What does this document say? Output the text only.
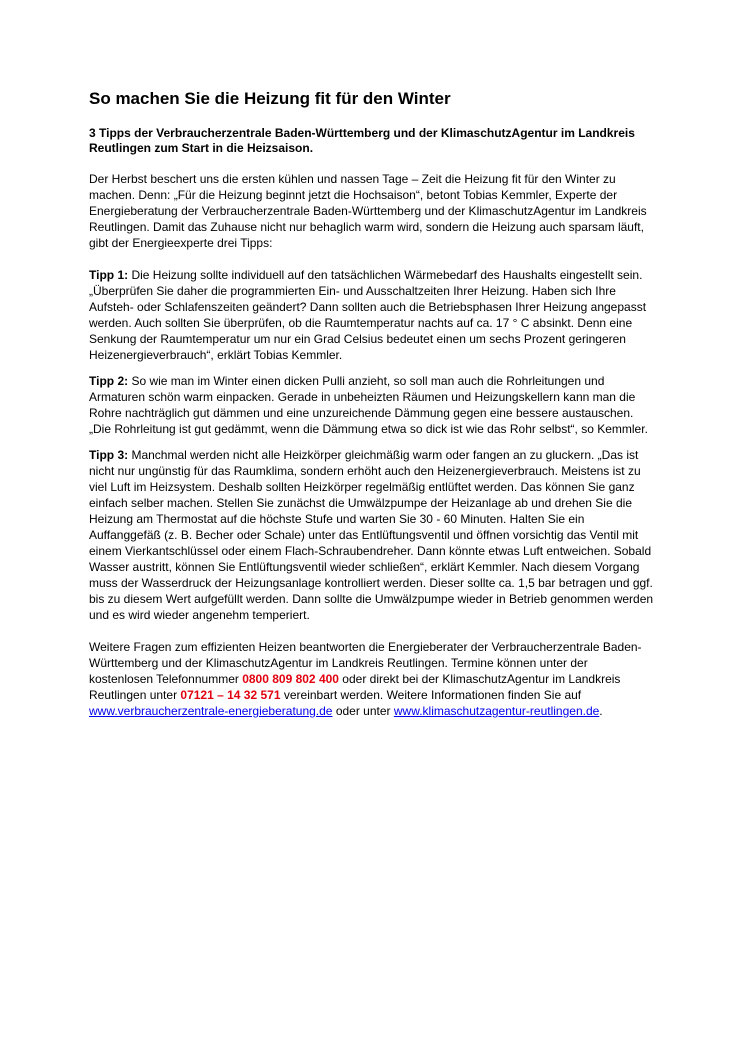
So machen Sie die Heizung fit für den Winter
3 Tipps der Verbraucherzentrale Baden-Württemberg und der KlimaschutzAgentur im Landkreis Reutlingen zum Start in die Heizsaison.

Der Herbst beschert uns die ersten kühlen und nassen Tage – Zeit die Heizung fit für den Winter zu machen. Denn: „Für die Heizung beginnt jetzt die Hochsaison“, betont Tobias Kemmler, Experte der Energieberatung der Verbraucherzentrale Baden-Württemberg und der KlimaschutzAgentur im Landkreis Reutlingen. Damit das Zuhause nicht nur behaglich warm wird, sondern die Heizung auch sparsam läuft, gibt der Energieexperte drei Tipps:

Tipp 1: Die Heizung sollte individuell auf den tatsächlichen Wärmebedarf des Haushalts eingestellt sein. „Überprüfen Sie daher die programmierten Ein- und Ausschaltzeiten Ihrer Heizung. Haben sich Ihre Aufsteh- oder Schlafenszeiten geändert? Dann sollten auch die Betriebsphasen Ihrer Heizung angepasst werden. Auch sollten Sie überprüfen, ob die Raumtemperatur nachts auf ca. 17 ° C absinkt. Denn eine Senkung der Raumtemperatur um nur ein Grad Celsius bedeutet einen um sechs Prozent geringeren Heizenergieverbrauch“, erklärt Tobias Kemmler.

Tipp 2: So wie man im Winter einen dicken Pulli anzieht, so soll man auch die Rohrleitungen und Armaturen schön warm einpacken. Gerade in unbeheizten Räumen und Heizungskellern kann man die Rohre nachträglich gut dämmen und eine unzureichende Dämmung gegen eine bessere austauschen. „Die Rohrleitung ist gut gedämmt, wenn die Dämmung etwa so dick ist wie das Rohr selbst“, so Kemmler.

Tipp 3: Manchmal werden nicht alle Heizkörper gleichmäßig warm oder fangen an zu gluckern. „Das ist nicht nur ungünstig für das Raumklima, sondern erhöht auch den Heizenergieverbrauch. Meistens ist zu viel Luft im Heizsystem. Deshalb sollten Heizkörper regelmäßig entlüftet werden. Das können Sie ganz einfach selber machen. Stellen Sie zunächst die Umwälzpumpe der Heizanlage ab und drehen Sie die Heizung am Thermostat auf die höchste Stufe und warten Sie 30 - 60 Minuten. Halten Sie ein Auffanggefäß (z. B. Becher oder Schale) unter das Entlüftungsventil und öffnen vorsichtig das Ventil mit einem Vierkantschlüssel oder einem Flach-Schraubendreher. Dann könnte etwas Luft entweichen. Sobald Wasser austritt, können Sie Entlüftungsventil wieder schließen“, erklärt Kemmler. Nach diesem Vorgang muss der Wasserdruck der Heizungsanlage kontrolliert werden. Dieser sollte ca. 1,5 bar betragen und ggf. bis zu diesem Wert aufgefüllt werden. Dann sollte die Umwälzpumpe wieder in Betrieb genommen werden und es wird wieder angenehm temperiert.

Weitere Fragen zum effizienten Heizen beantworten die Energieberater der Verbraucherzentrale Baden-Württemberg und der KlimaschutzAgentur im Landkreis Reutlingen. Termine können unter der kostenlosen Telefonnummer 0800 809 802 400 oder direkt bei der KlimaschutzAgentur im Landkreis Reutlingen unter 07121 – 14 32 571 vereinbart werden. Weitere Informationen finden Sie auf www.verbraucherzentrale-energieberatung.de oder unter www.klimaschutzagentur-reutlingen.de.
